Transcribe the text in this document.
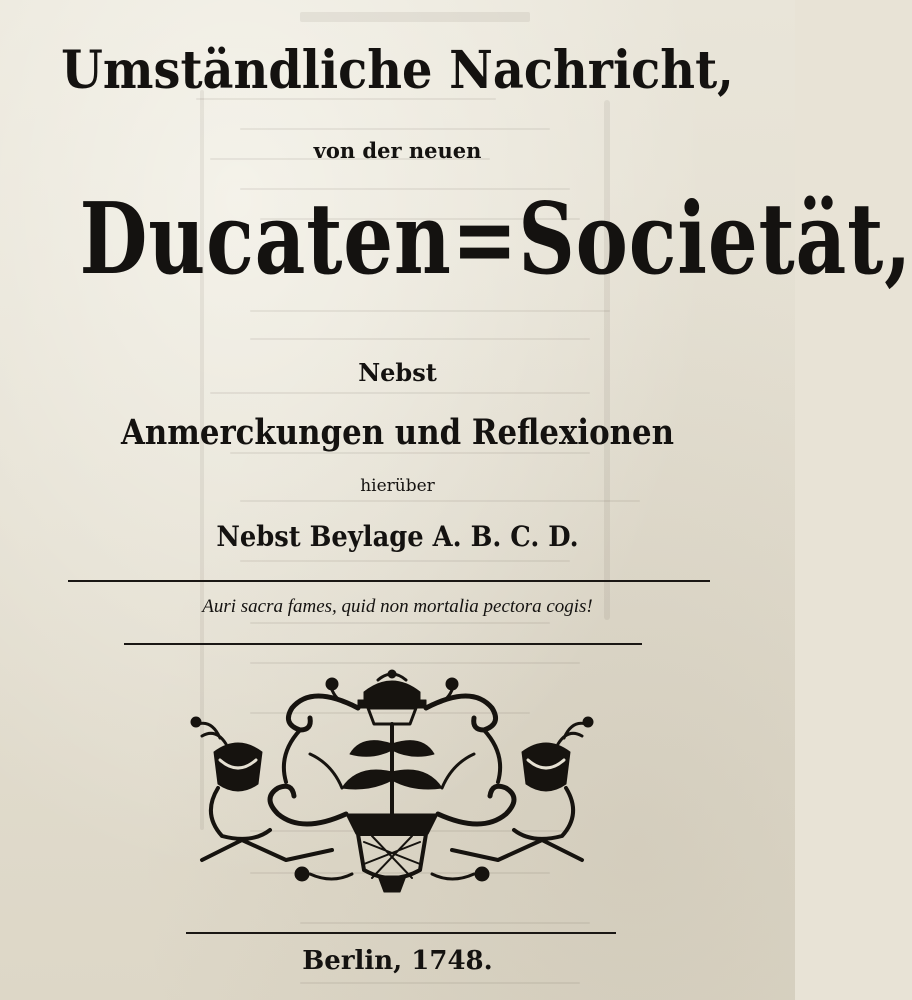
Umständliche Nachricht,

von der neuen

Ducaten=Societät,

Nebst

Anmerckungen und Reflexionen

hierüber

Nebst Beylage A. B. C. D.

Auri sacra fames, quid non mortalia pectora cogis!

Berlin, 1748.
